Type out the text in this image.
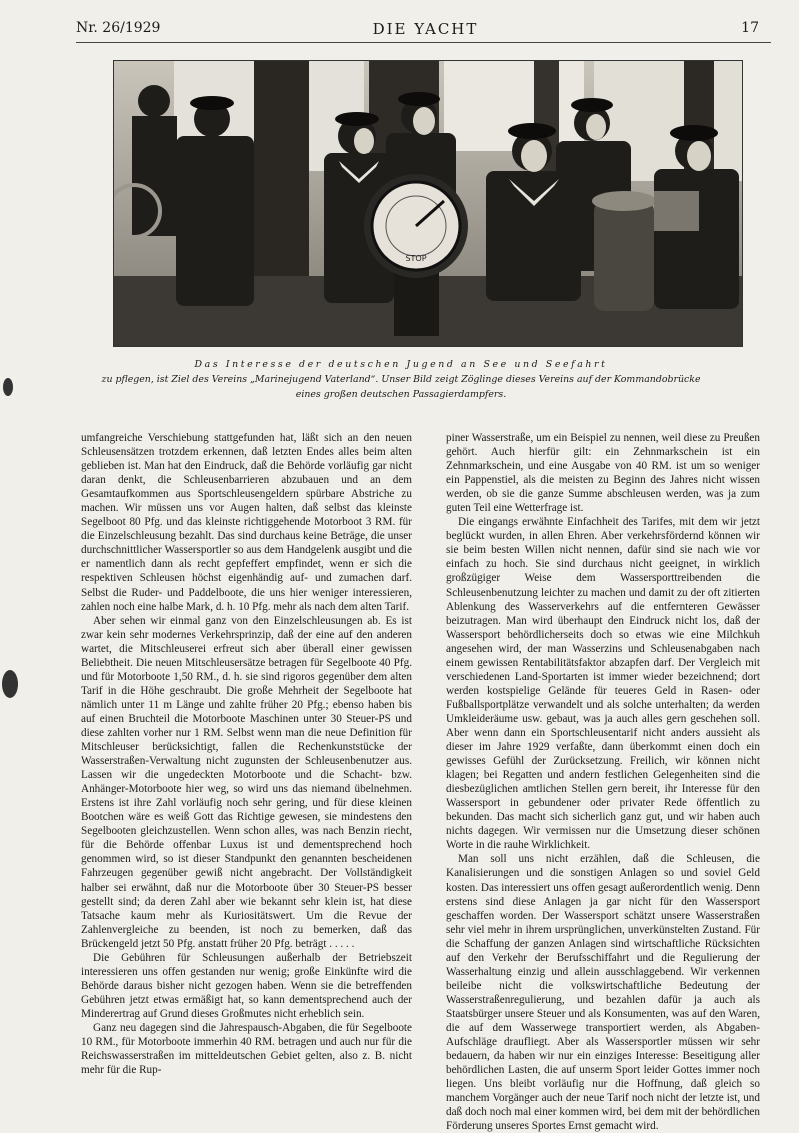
Nr. 26/1929	DIE YACHT	17
STOP
Das Interesse der deutschen Jugend an See und Seefahrt
zu pflegen, ist Ziel des Vereins „Marinejugend Vaterland“. Unser Bild zeigt Zöglinge dieses Vereins auf der Kommandobrücke
eines großen deutschen Passagierdampfers.

umfangreiche Verschiebung stattgefunden hat, läßt sich an den neuen Schleusensätzen trotzdem erkennen, daß letzten Endes alles beim alten geblieben ist. Man hat den Eindruck, daß die Behörde vorläufig gar nicht daran denkt, die Schleusenbarrieren abzubauen und an dem Gesamtaufkommen aus Sportschleusengeldern spürbare Abstriche zu machen. Wir müssen uns vor Augen halten, daß selbst das kleinste Segelboot 80 Pfg. und das kleinste richtiggehende Motorboot 3 RM. für die Einzelschleusung bezahlt. Das sind durchaus keine Beträge, die unser durchschnittlicher Wassersportler so aus dem Handgelenk ausgibt und die er namentlich dann als recht gepfeffert empfindet, wenn er sich die respektiven Schleusen höchst eigenhändig auf- und zumachen darf. Selbst die Ruder- und Paddelboote, die uns hier weniger interessieren, zahlen noch eine halbe Mark, d. h. 10 Pfg. mehr als nach dem alten Tarif.

Aber sehen wir einmal ganz von den Einzelschleusungen ab. Es ist zwar kein sehr modernes Verkehrsprinzip, daß der eine auf den anderen wartet, die Mitschleuserei erfreut sich aber überall einer gewissen Beliebtheit. Die neuen Mitschleusersätze betragen für Segelboote 40 Pfg. und für Motorboote 1,50 RM., d. h. sie sind rigoros gegenüber dem alten Tarif in die Höhe geschraubt. Die große Mehrheit der Segelboote hat nämlich unter 11 m Länge und zahlte früher 20 Pfg.; ebenso haben bis auf einen Bruchteil die Motorboote Maschinen unter 30 Steuer-PS und diese zahlten vorher nur 1 RM. Selbst wenn man die neue Definition für Mitschleuser berücksichtigt, fallen die Rechenkunststücke der Wasserstraßen-Verwaltung nicht zugunsten der Schleusenbenutzer aus. Lassen wir die ungedeckten Motorboote und die Schacht- bzw. Anhänger-Motorboote hier weg, so wird uns das niemand übelnehmen. Erstens ist ihre Zahl vorläufig noch sehr gering, und für diese kleinen Bootchen wäre es weiß Gott das Richtige gewesen, sie mindestens den Segelbooten gleichzustellen. Wenn schon alles, was nach Benzin riecht, für die Behörde offenbar Luxus ist und dementsprechend hoch genommen wird, so ist dieser Standpunkt den genannten bescheidenen Fahrzeugen gegenüber gewiß nicht angebracht. Der Vollständigkeit halber sei erwähnt, daß nur die Motorboote über 30 Steuer-PS besser gestellt sind; da deren Zahl aber wie bekannt sehr klein ist, hat diese Tatsache kaum mehr als Kuriositätswert. Um die Revue der Zahlenvergleiche zu beenden, ist noch zu bemerken, daß das Brückengeld jetzt 50 Pfg. anstatt früher 20 Pfg. beträgt . . . . .

Die Gebühren für Schleusungen außerhalb der Betriebszeit interessieren uns offen gestanden nur wenig; große Einkünfte wird die Behörde daraus bisher nicht gezogen haben. Wenn sie die betreffenden Gebühren jetzt etwas ermäßigt hat, so kann dementsprechend auch der Minderertrag auf Grund dieses Großmutes nicht erheblich sein.

Ganz neu dagegen sind die Jahrespausch-Abgaben, die für Segelboote 10 RM., für Motorboote immerhin 40 RM. betragen und auch nur für die Reichswasserstraßen im mitteldeutschen Gebiet gelten, also z. B. nicht mehr für die Rup-

piner Wasserstraße, um ein Beispiel zu nennen, weil diese zu Preußen gehört. Auch hierfür gilt: ein Zehnmarkschein ist ein Zehnmarkschein, und eine Ausgabe von 40 RM. ist um so weniger ein Pappenstiel, als die meisten zu Beginn des Jahres nicht wissen werden, ob sie die ganze Summe abschleusen werden, was ja zum guten Teil eine Wetterfrage ist.

Die eingangs erwähnte Einfachheit des Tarifes, mit dem wir jetzt beglückt wurden, in allen Ehren. Aber verkehrsfördernd können wir sie beim besten Willen nicht nennen, dafür sind sie nach wie vor einfach zu hoch. Sie sind durchaus nicht geeignet, in wirklich großzügiger Weise dem Wassersporttreibenden die Schleusenbenutzung leichter zu machen und damit zu der oft zitierten Ablenkung des Wasserverkehrs auf die entfernteren Gewässer beizutragen. Man wird überhaupt den Eindruck nicht los, daß der Wassersport behördlicherseits doch so etwas wie eine Milchkuh angesehen wird, der man Wasserzins und Schleusenabgaben nach einem gewissen Rentabilitätsfaktor abzapfen darf. Der Vergleich mit verschiedenen Land-Sportarten ist immer wieder bezeichnend; dort werden kostspielige Gelände für teueres Geld in Rasen- oder Fußballsportplätze verwandelt und als solche unterhalten; da werden Umkleideräume usw. gebaut, was ja auch alles gern geschehen soll. Aber wenn dann ein Sportschleusentarif nicht anders aussieht als dieser im Jahre 1929 verfaßte, dann überkommt einen doch ein gewisses Gefühl der Zurücksetzung. Freilich, wir können nicht klagen; bei Regatten und andern festlichen Gelegenheiten sind die diesbezüglichen amtlichen Stellen gern bereit, ihr Interesse für den Wassersport in gebundener oder privater Rede öffentlich zu bekunden. Das macht sich sicherlich ganz gut, und wir haben auch nichts dagegen. Wir vermissen nur die Umsetzung dieser schönen Worte in die rauhe Wirklichkeit.

Man soll uns nicht erzählen, daß die Schleusen, die Kanalisierungen und die sonstigen Anlagen so und soviel Geld kosten. Das interessiert uns offen gesagt außerordentlich wenig. Denn erstens sind diese Anlagen ja gar nicht für den Wassersport geschaffen worden. Der Wassersport schätzt unsere Wasserstraßen sehr viel mehr in ihrem ursprünglichen, unverkünstelten Zustand. Für die Schaffung der ganzen Anlagen sind wirtschaftliche Rücksichten auf den Verkehr der Berufsschiffahrt und die Regulierung der Wasserhaltung einzig und allein ausschlaggebend. Wir verkennen beileibe nicht die volkswirtschaftliche Bedeutung der Wasserstraßenregulierung, und bezahlen dafür ja auch als Staatsbürger unsere Steuer und als Konsumenten, was auf den Waren, die auf dem Wasserwege transportiert werden, als Abgaben-Aufschläge draufliegt. Aber als Wassersportler müssen wir sehr bedauern, da haben wir nur ein einziges Interesse: Beseitigung aller behördlichen Lasten, die auf unserm Sport leider Gottes immer noch liegen. Uns bleibt vorläufig nur die Hoffnung, daß gleich so manchem Vorgänger auch der neue Tarif noch nicht der letzte ist, und daß doch noch mal einer kommen wird, bei dem mit der behördlichen Förderung unseres Sportes Ernst gemacht wird.
